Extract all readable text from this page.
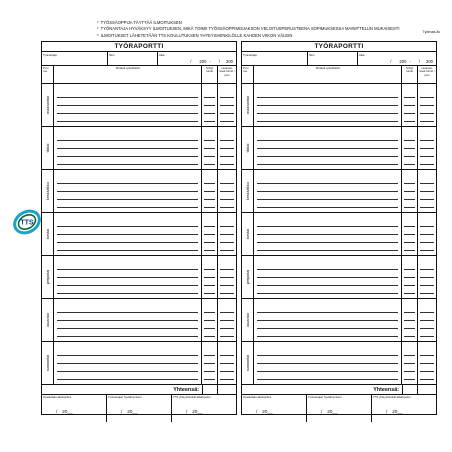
* TYÖSSÄOPPIJA TÄYTTÄÄ ILMOITUKSEN
* TYÖNANTAJA HYVÄKSYY ILMOITUKSEN, MIKÄ TOIMII TYÖSSÄOPPIMISJAKSON VELOITUSPERUSTEENA SOPIMUKSESSA MAINITTELUN MUKAISESTI
* ILMOITUKSET LÄHETETÄÄN TTS KOULUTUKSEN YHTEYSHENKILÖLLE KAHDEN VIIKON VÄLEIN
Työmaa-lis
TTS
TYÖRAPORTTI
Työnantaja	Nimi	Aika
/ 200 - / 200
Pvm ma
Tehtävä työtehtävät	Tehtyt tunnit
Laskutet-tavat tunnit / pvm
maanantai
tiistai
keskiviikko
torstai
perjantai
lauantai
sunnuntai
Yhteensä:
Opiskelijan allekirjoitus
/ 20__
Työnantajan hyväksyminen
/ 20__
TTS yhteyshenkilö allekirjoitus
/ 20__
TYÖRAPORTTI
Työnantaja	Nimi	Aika
/ 200 - / 200
Pvm ma
Tehtävä työtehtävät	Tehtyt tunnit
Laskutet-tavat tunnit / pvm
maanantai
tiistai
keskiviikko
torstai
perjantai
lauantai
sunnuntai
Yhteensä:
Opiskelijan allekirjoitus
/ 20__
Työnantajan hyväksyminen
/ 20__
TTS yhteyshenkilö allekirjoitus
/ 20__
